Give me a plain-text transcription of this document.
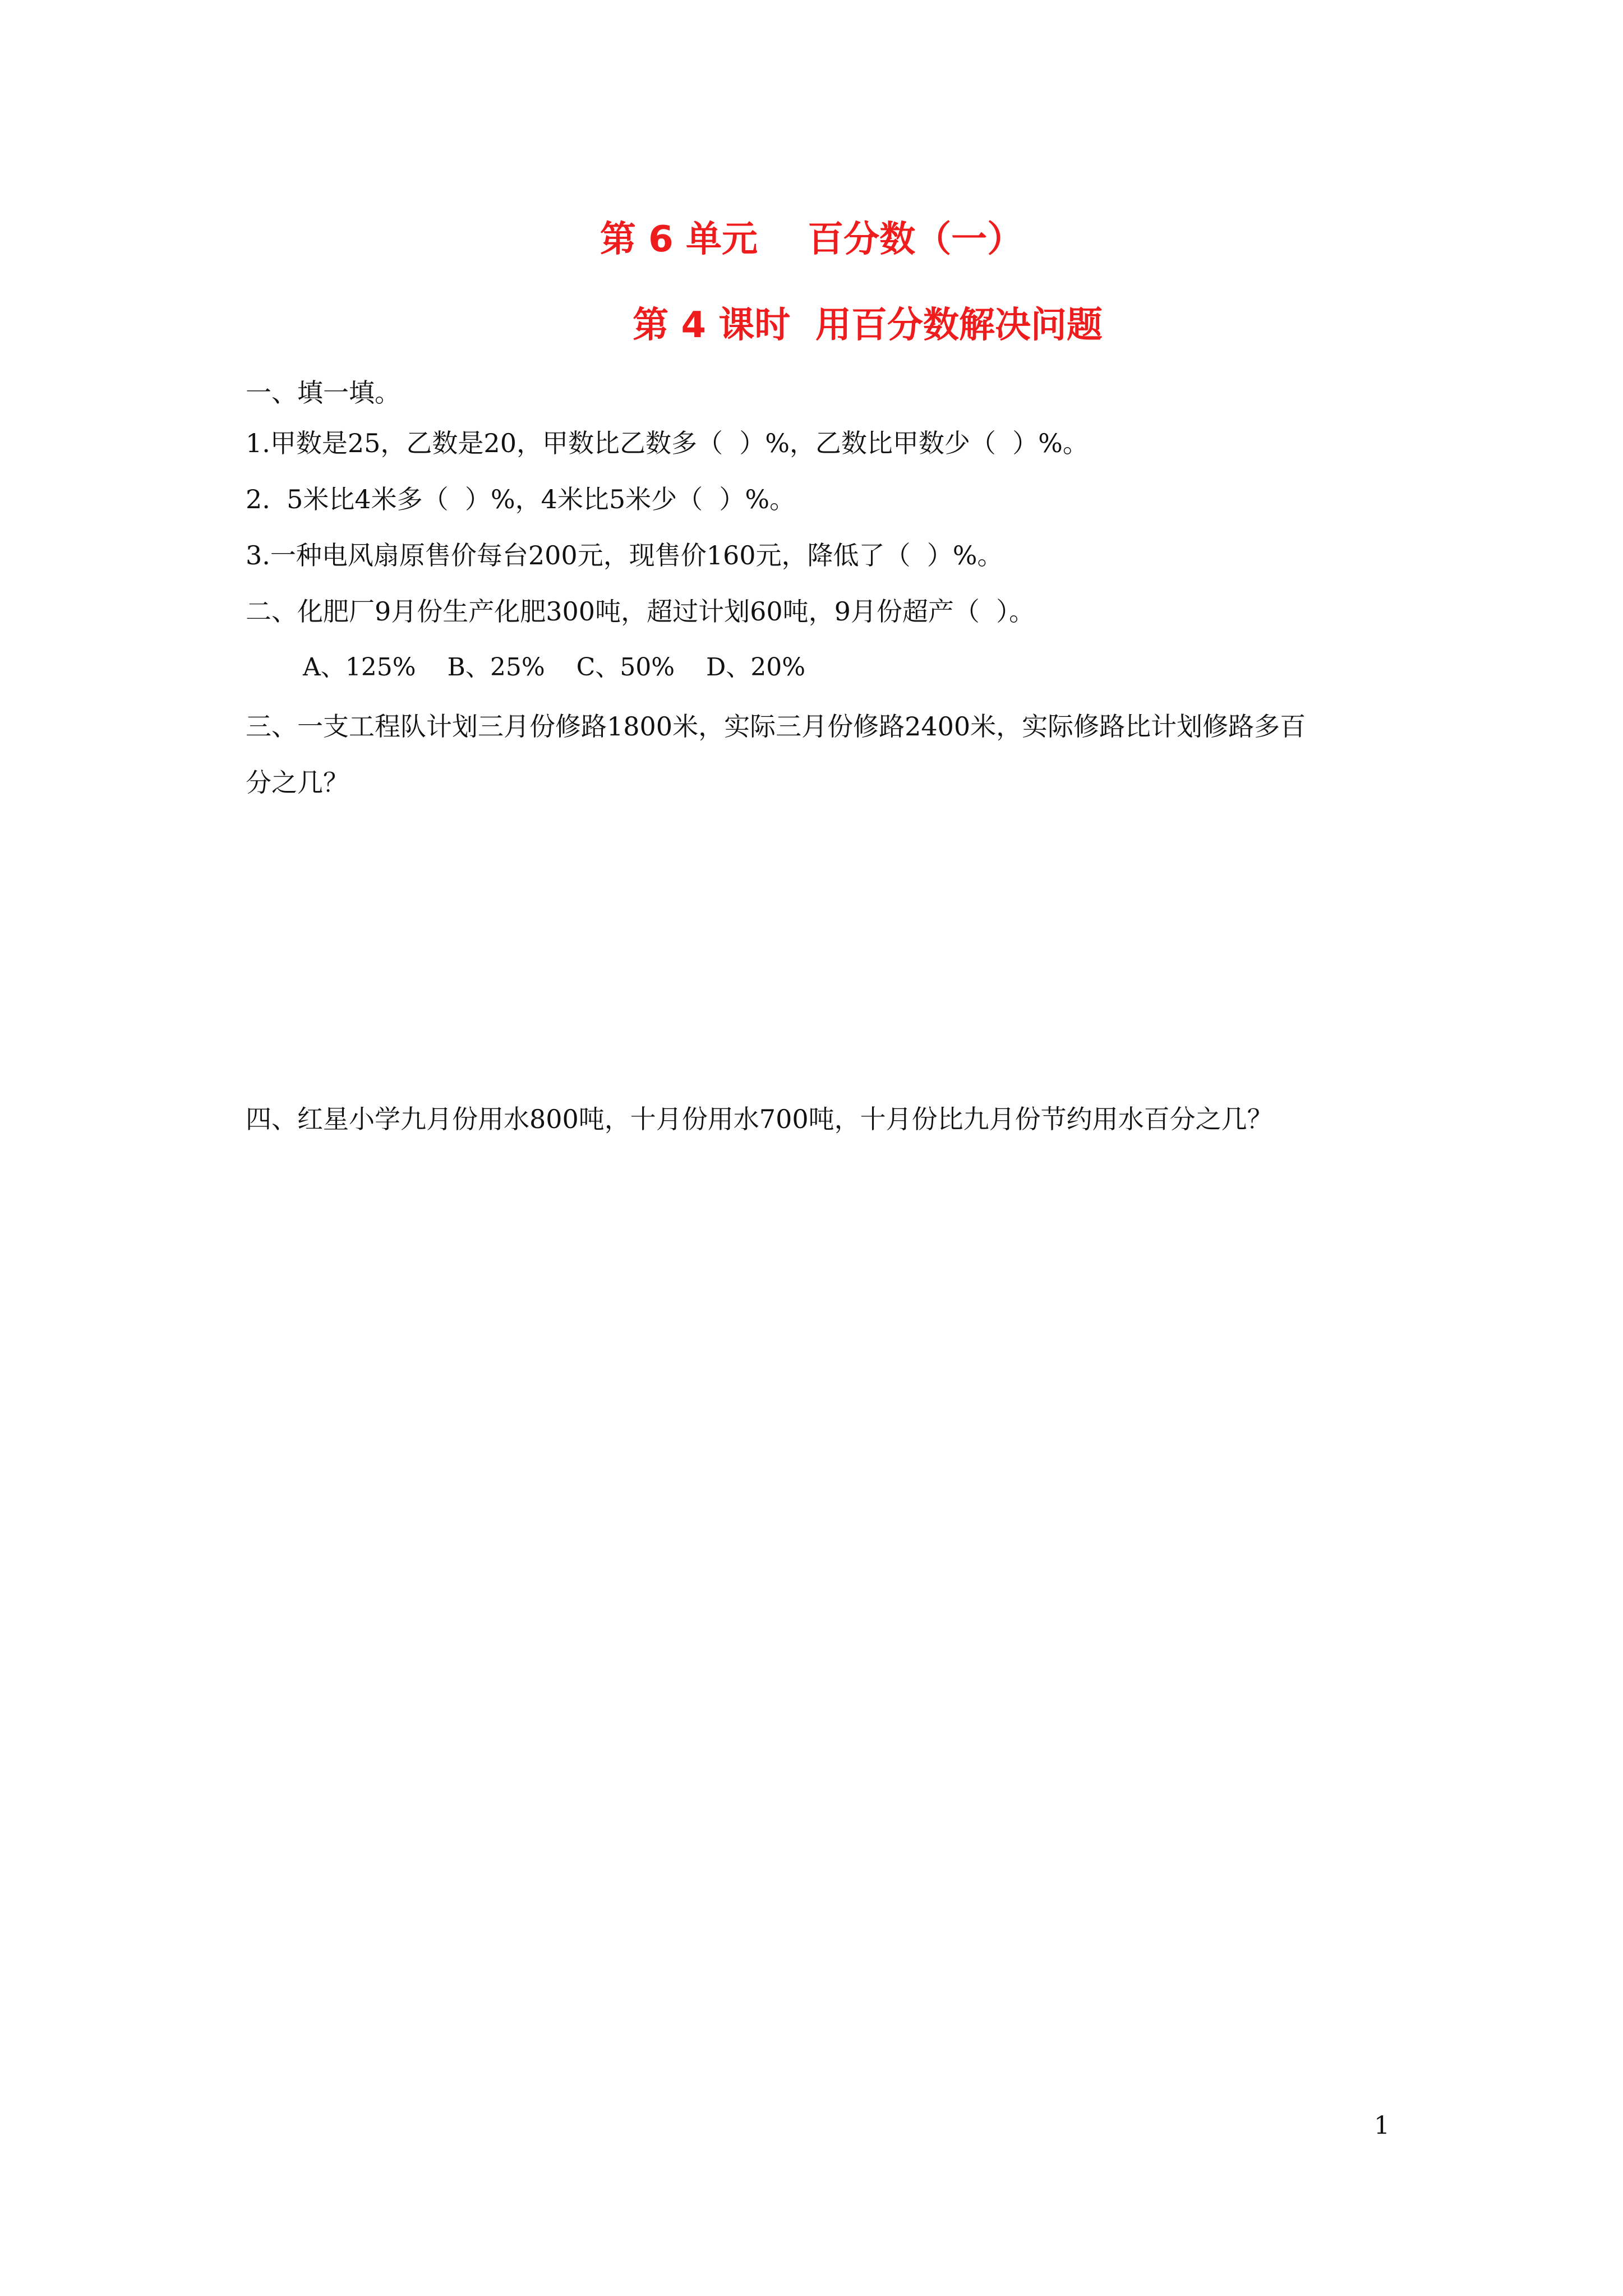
第 6 单元    百分数（一）
第 4 课时  用百分数解决问题
一、填一填。
1.甲数是25，乙数是20，甲数比乙数多（  ）%，乙数比甲数少（  ）%。
2.  5米比4米多（  ）%，4米比5米少（  ）%。
3.一种电风扇原售价每台200元，现售价160元，降低了（  ）%。
二、化肥厂9月份生产化肥300吨，超过计划60吨，9月份超产（  ）。
A、125%    B、25%    C、50%    D、20%
三、一支工程队计划三月份修路1800米，实际三月份修路2400米，实际修路比计划修路多百
分之几？
四、红星小学九月份用水800吨，十月份用水700吨，十月份比九月份节约用水百分之几？
1
